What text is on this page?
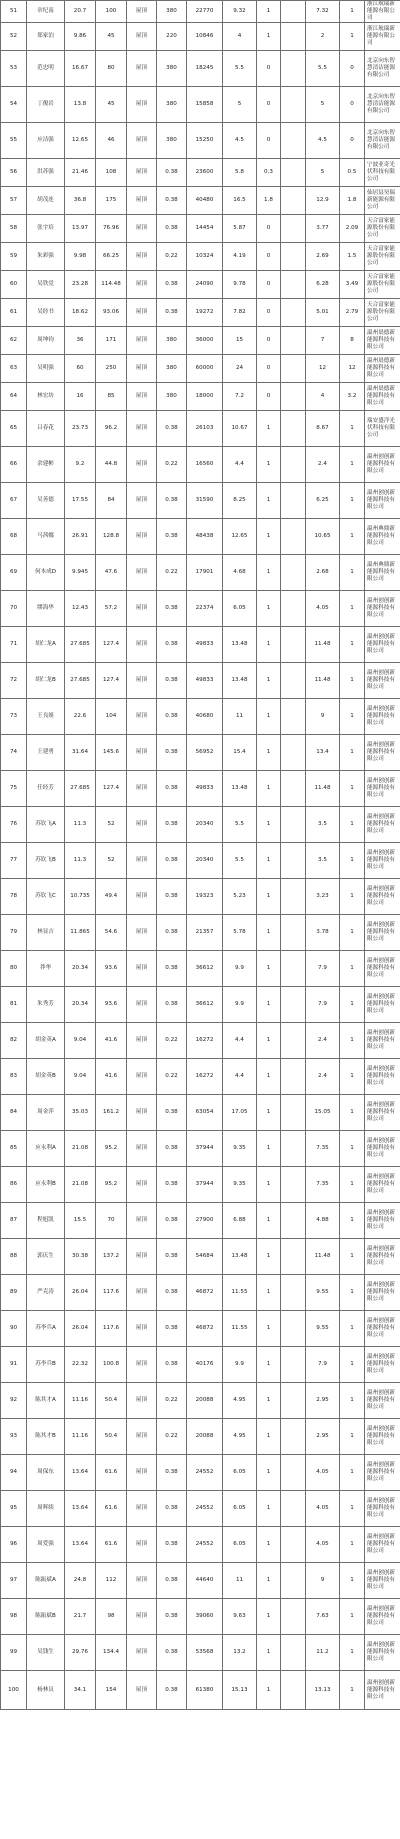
51	章纪南	20.7	100	屋顶	380	22770	9.32	1		7.32	1	浙江航瑞新能源有限公司
52	郑家泊	9.86	45	屋顶	220	10846	4	1		2	1	浙江航瑞新能源有限公司
53	范忠明	16.67	80	屋顶	380	18245	5.5	0		5.5	0	北京向东智慧清洁能源有限公司
54	丁俊岩	13.8	45	屋顶	380	15858	5	0		5	0	北京向东智慧清洁能源有限公司
55	应洁强	12.65	46	屋顶	380	15250	4.5	0		4.5	0	北京向东智慧清洁能源有限公司
56	洪苏强	21.46	108	屋顶	0.38	23600	5.8	0.3		5	0.5	宁波亚奇光伏科技有限公司
57	胡茂连	36.8	175	屋顶	0.38	40480	16.5	1.8		12.9	1.8	仙居县昊瑞新能源有限公司
58	张宇培	13.97	76.96	屋顶	0.38	14454	5.87	0		3.77	2.09	天合富家能源股份有限公司
59	朱彩强	9.98	66.25	屋顶	0.22	10324	4.19	0		2.69	1.5	天合富家能源股份有限公司
60	吴铁党	23.28	114.48	屋顶	0.38	24090	9.78	0		6.28	3.49	天合富家能源股份有限公司
61	吴经书	18.62	93.06	屋顶	0.38	19272	7.82	0		5.01	2.79	天合富家能源股份有限公司
62	周坤钧	36	171	屋顶	380	36000	15	0		7	8	温州晨德新能源科技有限公司
63	吴明强	60	250	屋顶	380	60000	24	0		12	12	温州晨德新能源科技有限公司
64	林宏坊	16	85	屋顶	380	18000	7.2	0		4	3.2	温州晨德新能源科技有限公司
65	吕春花	23.73	96.2	屋顶	0.38	26103	10.67	1		8.67	1	瑞安盛洋光伏科技有限公司
66	余建彬	9.2	44.8	屋顶	0.22	16560	4.4	1		2.4	1	温州创创新能源科技有限公司
67	吴善德	17.55	84	屋顶	0.38	31590	8.25	1		6.25	1	温州创创新能源科技有限公司
68	马茜娜	26.91	128.8	屋顶	0.38	48438	12.65	1		10.65	1	温州典鼎新能源科技有限公司
69	何本成D	9.945	47.6	屋顶	0.22	17901	4.68	1		2.68	1	温州典鼎新能源科技有限公司
70	缪海华	12.43	57.2	屋顶	0.38	22374	6.05	1		4.05	1	温州创创新能源科技有限公司
71	胡仁龙A	27.685	127.4	屋顶	0.38	49833	13.48	1		11.48	1	温州创创新能源科技有限公司
72	胡仁龙B	27.685	127.4	屋顶	0.38	49833	13.48	1		11.48	1	温州创创新能源科技有限公司
73	王良姐	22.6	104	屋顶	0.38	40680	11	1		9	1	温州创创新能源科技有限公司
74	王建勇	31.64	145.6	屋顶	0.38	56952	15.4	1		13.4	1	温州创创新能源科技有限公司
75	任经芳	27.685	127.4	屋顶	0.38	49833	13.48	1		11.48	1	温州创创新能源科技有限公司
76	苏钦飞A	11.3	52	屋顶	0.38	20340	5.5	1		3.5	1	温州创创新能源科技有限公司
77	苏钦飞B	11.3	52	屋顶	0.38	20340	5.5	1		3.5	1	温州创创新能源科技有限公司
78	苏钦飞C	10.735	49.4	屋顶	0.38	19323	5.23	1		3.23	1	温州创创新能源科技有限公司
79	林显吉	11.865	54.6	屋顶	0.38	21357	5.78	1		3.78	1	温州创创新能源科技有限公司
80	莽华	20.34	93.6	屋顶	0.38	36612	9.9	1		7.9	1	温州创创新能源科技有限公司
81	朱秀芳	20.34	93.6	屋顶	0.38	36612	9.9	1		7.9	1	温州创创新能源科技有限公司
82	胡金英A	9.04	41.6	屋顶	0.22	16272	4.4	1		2.4	1	温州创创新能源科技有限公司
83	胡金英B	9.04	41.6	屋顶	0.22	16272	4.4	1		2.4	1	温州创创新能源科技有限公司
84	周金萍	35.03	161.2	屋顶	0.38	63054	17.05	1		15.05	1	温州创创新能源科技有限公司
85	应永利A	21.08	95.2	屋顶	0.38	37944	9.35	1		7.35	1	温州创创新能源科技有限公司
86	应永利B	21.08	95.2	屋顶	0.38	37944	9.35	1		7.35	1	温州创创新能源科技有限公司
87	程旭凯	15.5	70	屋顶	0.38	27900	6.88	1		4.88	1	温州创创新能源科技有限公司
88	郭庆生	30.38	137.2	屋顶	0.38	54684	13.48	1		11.48	1	温州创创新能源科技有限公司
89	严克涛	26.04	117.6	屋顶	0.38	46872	11.55	1		9.55	1	温州创创新能源科技有限公司
90	苏李兵A	26.04	117.6	屋顶	0.38	46872	11.55	1		9.55	1	温州创创新能源科技有限公司
91	苏李兵B	22.32	100.8	屋顶	0.38	40176	9.9	1		7.9	1	温州创创新能源科技有限公司
92	陈其才A	11.16	50.4	屋顶	0.22	20088	4.95	1		2.95	1	温州创创新能源科技有限公司
93	陈其才B	11.16	50.4	屋顶	0.22	20088	4.95	1		2.95	1	温州创创新能源科技有限公司
94	周保东	13.64	61.6	屋顶	0.38	24552	6.05	1		4.05	1	温州创创新能源科技有限公司
95	周辉续	13.64	61.6	屋顶	0.38	24552	6.05	1		4.05	1	温州创创新能源科技有限公司
96	周爱强	13.64	61.6	屋顶	0.38	24552	6.05	1		4.05	1	温州创创新能源科技有限公司
97	陈振斌A	24.8	112	屋顶	0.38	44640	11	1		9	1	温州创创新能源科技有限公司
98	陈振斌B	21.7	98	屋顶	0.38	39060	9.63	1		7.63	1	温州创创新能源科技有限公司
99	吴钱生	29.76	134.4	屋顶	0.38	53568	13.2	1		11.2	1	温州创创新能源科技有限公司
100	杨林员	34.1	154	屋顶	0.38	61380	15.13	1		13.13	1	温州创创新能源科技有限公司
